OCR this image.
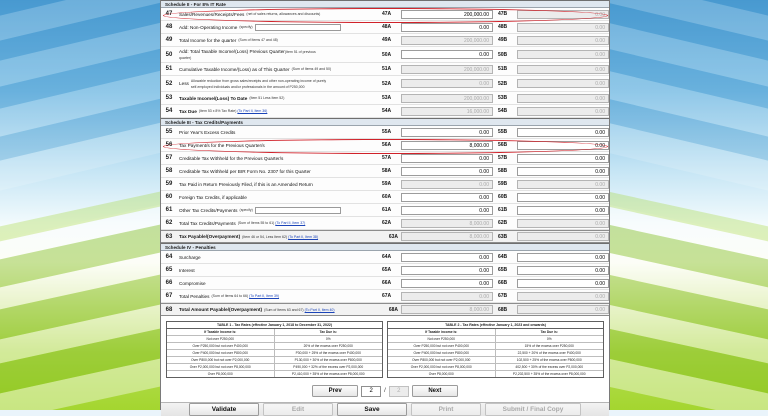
Schedule II - For 8% IT Rate
47	Sales/Revenues/Receipts/Fees (net of sales returns, allowances and discounts)	47A	200,000.00	47B	0.00
48	Add: Non-Operating Income (specify)	48A	0.00	48B	0.00
49	Total Income for the quarter (Sum of Items 47 and 48)	49A	200,000.00	49B	0.00
50
Add: Total Taxable Income/(Loss) Previous Quarter(Item 51 of previous
quarter)
50A	0.00	50B	0.00
51	Cumulative Taxable Income/(Loss) as of This Quarter (Sum of Items 49 and 50)	51A	200,000.00	51B	0.00
52	Less
Allowable reduction from gross sales/receipts and other non-operating income of purely
self-employed individuals and/or professionals in the amount of P250,000	52A	0.00	52B	0.00
53	Taxable Income/(Loss) To Date (Item 51 Less Item 52)	53A	200,000.00	53B	0.00
54	Tax Due (Item 53 x 8% Tax Rate) (To Part II, Item 36)	54A	16,000.00	54B	0.00
Schedule III - Tax Credits/Payments
55	Prior Year's Excess Credits	55A	0.00	55B	0.00
56	Tax Payment/s for the Previous Quarter/s	56A	8,000.00	56B	0.00
57	Creditable Tax Withheld for the Previous Quarter/s	57A	0.00	57B	0.00
58	Creditable Tax Withheld per BIR Form No. 2307 for this Quarter	58A	0.00	58B	0.00
59	Tax Paid in Return Previously Filed, if this is an Amended Return	59A	0.00	59B	0.00
60	Foreign Tax Credits, if applicable	60A	0.00	60B	0.00
61	Other Tax Credits/Payments (specify)	61A	0.00	61B	0.00
62	Total Tax Credits/Payments (Sum of Items 55 to 61) (To Part II, Item 37)	62A	8,000.00	62B	0.00
63	Tax Payable/(Overpayment) (Item 46 or 54, Less Item 62) (To Part II, Item 38)	63A	8,000.00	63B	0.00
Schedule IV - Penalties
64	Surcharge	64A	0.00	64B	0.00
65	Interest	65A	0.00	65B	0.00
66	Compromise	66A	0.00	66B	0.00
67	Total Penalties (Sum of Items 64 to 66) (To Part II, Item 39)	67A	0.00	67B	0.00
68	Total Amount Payable/(Overpayment) (Sum of Items 63 and 67) (To Part II, Item 40)	68A	8,000.00	68B	0.00
TABLE 1 - Tax Rates (effective January 1, 2018 to December 31, 2022)
If Taxable Income is:	Tax Due is:
Not over P250,000	0%
Over P250,000 but not over P400,000	20% of the excess over P250,000
Over P400,000 but not over P800,000	P30,000 + 25% of the excess over P400,000
Over P800,000 but not over P2,000,000	P130,000 + 30% of the excess over P800,000
Over P2,000,000 but not over P8,000,000	P490,000 + 32% of the excess over P2,000,000
Over P8,000,000	P2,410,000 + 35% of the excess over P8,000,000
TABLE 2 - Tax Rates (effective January 1, 2023 and onwards)
If Taxable income is:	Tax Due is:
Not over P250,000	0%
Over P250,000 but not over P400,000	15% of the excess over P250,000
Over P400,000 but not over P800,000	22,500 + 20% of the excess over P400,000
Over P800,000 but not over P2,000,000	102,500 + 25% of the excess over P800,000
Over P2,000,000 but not over P8,000,000	402,500 + 30% of the excess over P2,000,000
Over P8,000,000	P2,202,500 + 35% of the excess over P8,000,000
Prev	2	/	2	Next
Validate	Edit	Save	Print	Submit / Final Copy
